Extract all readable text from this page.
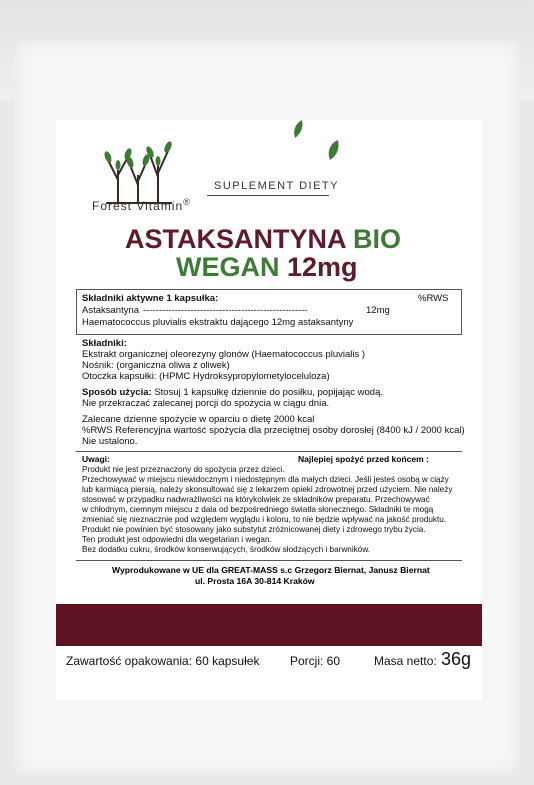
Forest Vitamin®
SUPLEMENT DIETY
ASTAKSANTYNA BIO
WEGAN 12mg
Składniki aktywne 1 kapsułka:	%RWS
Astaksantyna ----------------------------------------------------	12mg
Haematococcus pluvialis ekstraktu dającego 12mg astaksantyny
Składniki:
Ekstrakt organicznej oleorezyny glonów (Haematococcus pluvialis )
Nośnik: (organiczna oliwa z oliwek)
Otoczka kapsułki: (HPMC Hydroksypropylometyloceluloza)
Sposób użycia: Stosuj 1 kapsułkę dziennie do posiłku, popijając wodą.
Nie przekraczać zalecanej porcji do spożycia w ciągu dnia.
Zalecane dzienne spożycie w oparciu o dietę 2000 kcal
%RWS Referencyjna wartość spożycia dla przeciętnej osoby dorosłej (8400 kJ / 2000 kcal)
Nie ustalono.
Uwagi:	Najlepiej spożyć przed końcem :
Produkt nie jest przeznaczony do spożycia przez dzieci.
Przechowywać w miejscu niewidocznym i niedostępnym dla małych dzieci. Jeśli jesteś osobą w ciąży
lub karmiącą piersią, należy skonsultować się z lekarzem opieki zdrowotnej przed użyciem. Nie należy
stosować w przypadku nadwrażliwości na którykolwiek ze składników preparatu. Przechowywać
w chłodnym, ciemnym miejscu z dala od bezpośredniego światła słonecznego. Składniki te mogą
zmieniać się nieznacznie pod względem wyglądu i koloru, to nie będzie wpływać na jakość produktu.
Produkt nie powinien być stosowany jako substytut zróżnicowanej diety i zdrowego trybu życia.
Ten produkt jest odpowiedni dla wegetarian i wegan.
Bez dodatku cukru, środków konserwujących, środków słodzących i barwników.
Wyprodukowane w UE dla GREAT-MASS s.c Grzegorz Biernat, Janusz Biernat
ul. Prosta 16A 30-814 Kraków
Zawartość opakowania: 60 kapsułek	Porcji: 60	Masa netto: 36g
